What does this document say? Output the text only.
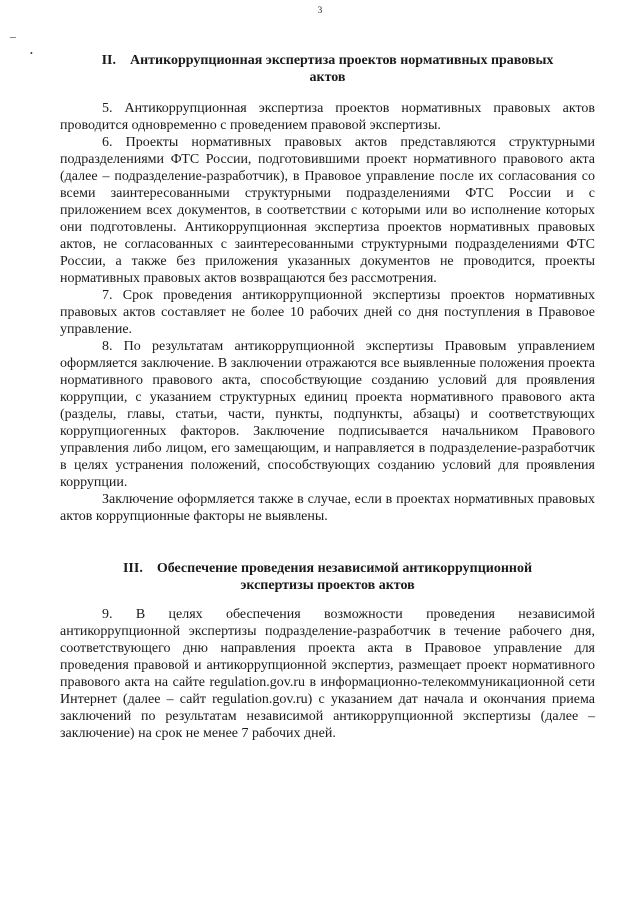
3
–
•	II. Антикоррупционная экспертиза проектов нормативных правовых
актов

5. Антикоррупционная экспертиза проектов нормативных правовых актов проводится одновременно с проведением правовой экспертизы.

6. Проекты нормативных правовых актов представляются структурными подразделениями ФТС России, подготовившими проект нормативного правового акта (далее – подразделение-разработчик), в Правовое управление после их согласования со всеми заинтересованными структурными подразделениями ФТС России и с приложением всех документов, в соответствии с которыми или во исполнение которых они подготовлены. Антикоррупционная экспертиза проектов нормативных правовых актов, не согласованных с заинтересованными структурными подразделениями ФТС России, а также без приложения указанных документов не проводится, проекты нормативных правовых актов возвращаются без рассмотрения.

7. Срок проведения антикоррупционной экспертизы проектов нормативных правовых актов составляет не более 10 рабочих дней со дня поступления в Правовое управление.

8. По результатам антикоррупционной экспертизы Правовым управлением оформляется заключение. В заключении отражаются все выявленные положения проекта нормативного правового акта, способствующие созданию условий для проявления коррупции, с указанием структурных единиц проекта нормативного правового акта (разделы, главы, статьи, части, пункты, подпункты, абзацы) и соответствующих коррупциогенных факторов. Заключение подписывается начальником Правового управления либо лицом, его замещающим, и направляется в подразделение-разработчик в целях устранения положений, способствующих созданию условий для проявления коррупции.

Заключение оформляется также в случае, если в проектах нормативных правовых актов коррупционные факторы не выявлены.

III. Обеспечение проведения независимой антикоррупционной
экспертизы проектов актов

9. В целях обеспечения возможности проведения независимой антикоррупционной экспертизы подразделение-разработчик в течение рабочего дня, соответствующего дню направления проекта акта в Правовое управление для проведения правовой и антикоррупционной экспертиз, размещает проект нормативного правового акта на сайте regulation.gov.ru в информационно-телекоммуникационной сети Интернет (далее – сайт regulation.gov.ru) с указанием дат начала и окончания приема заключений по результатам независимой антикоррупционной экспертизы (далее – заключение) на срок не менее 7 рабочих дней.
